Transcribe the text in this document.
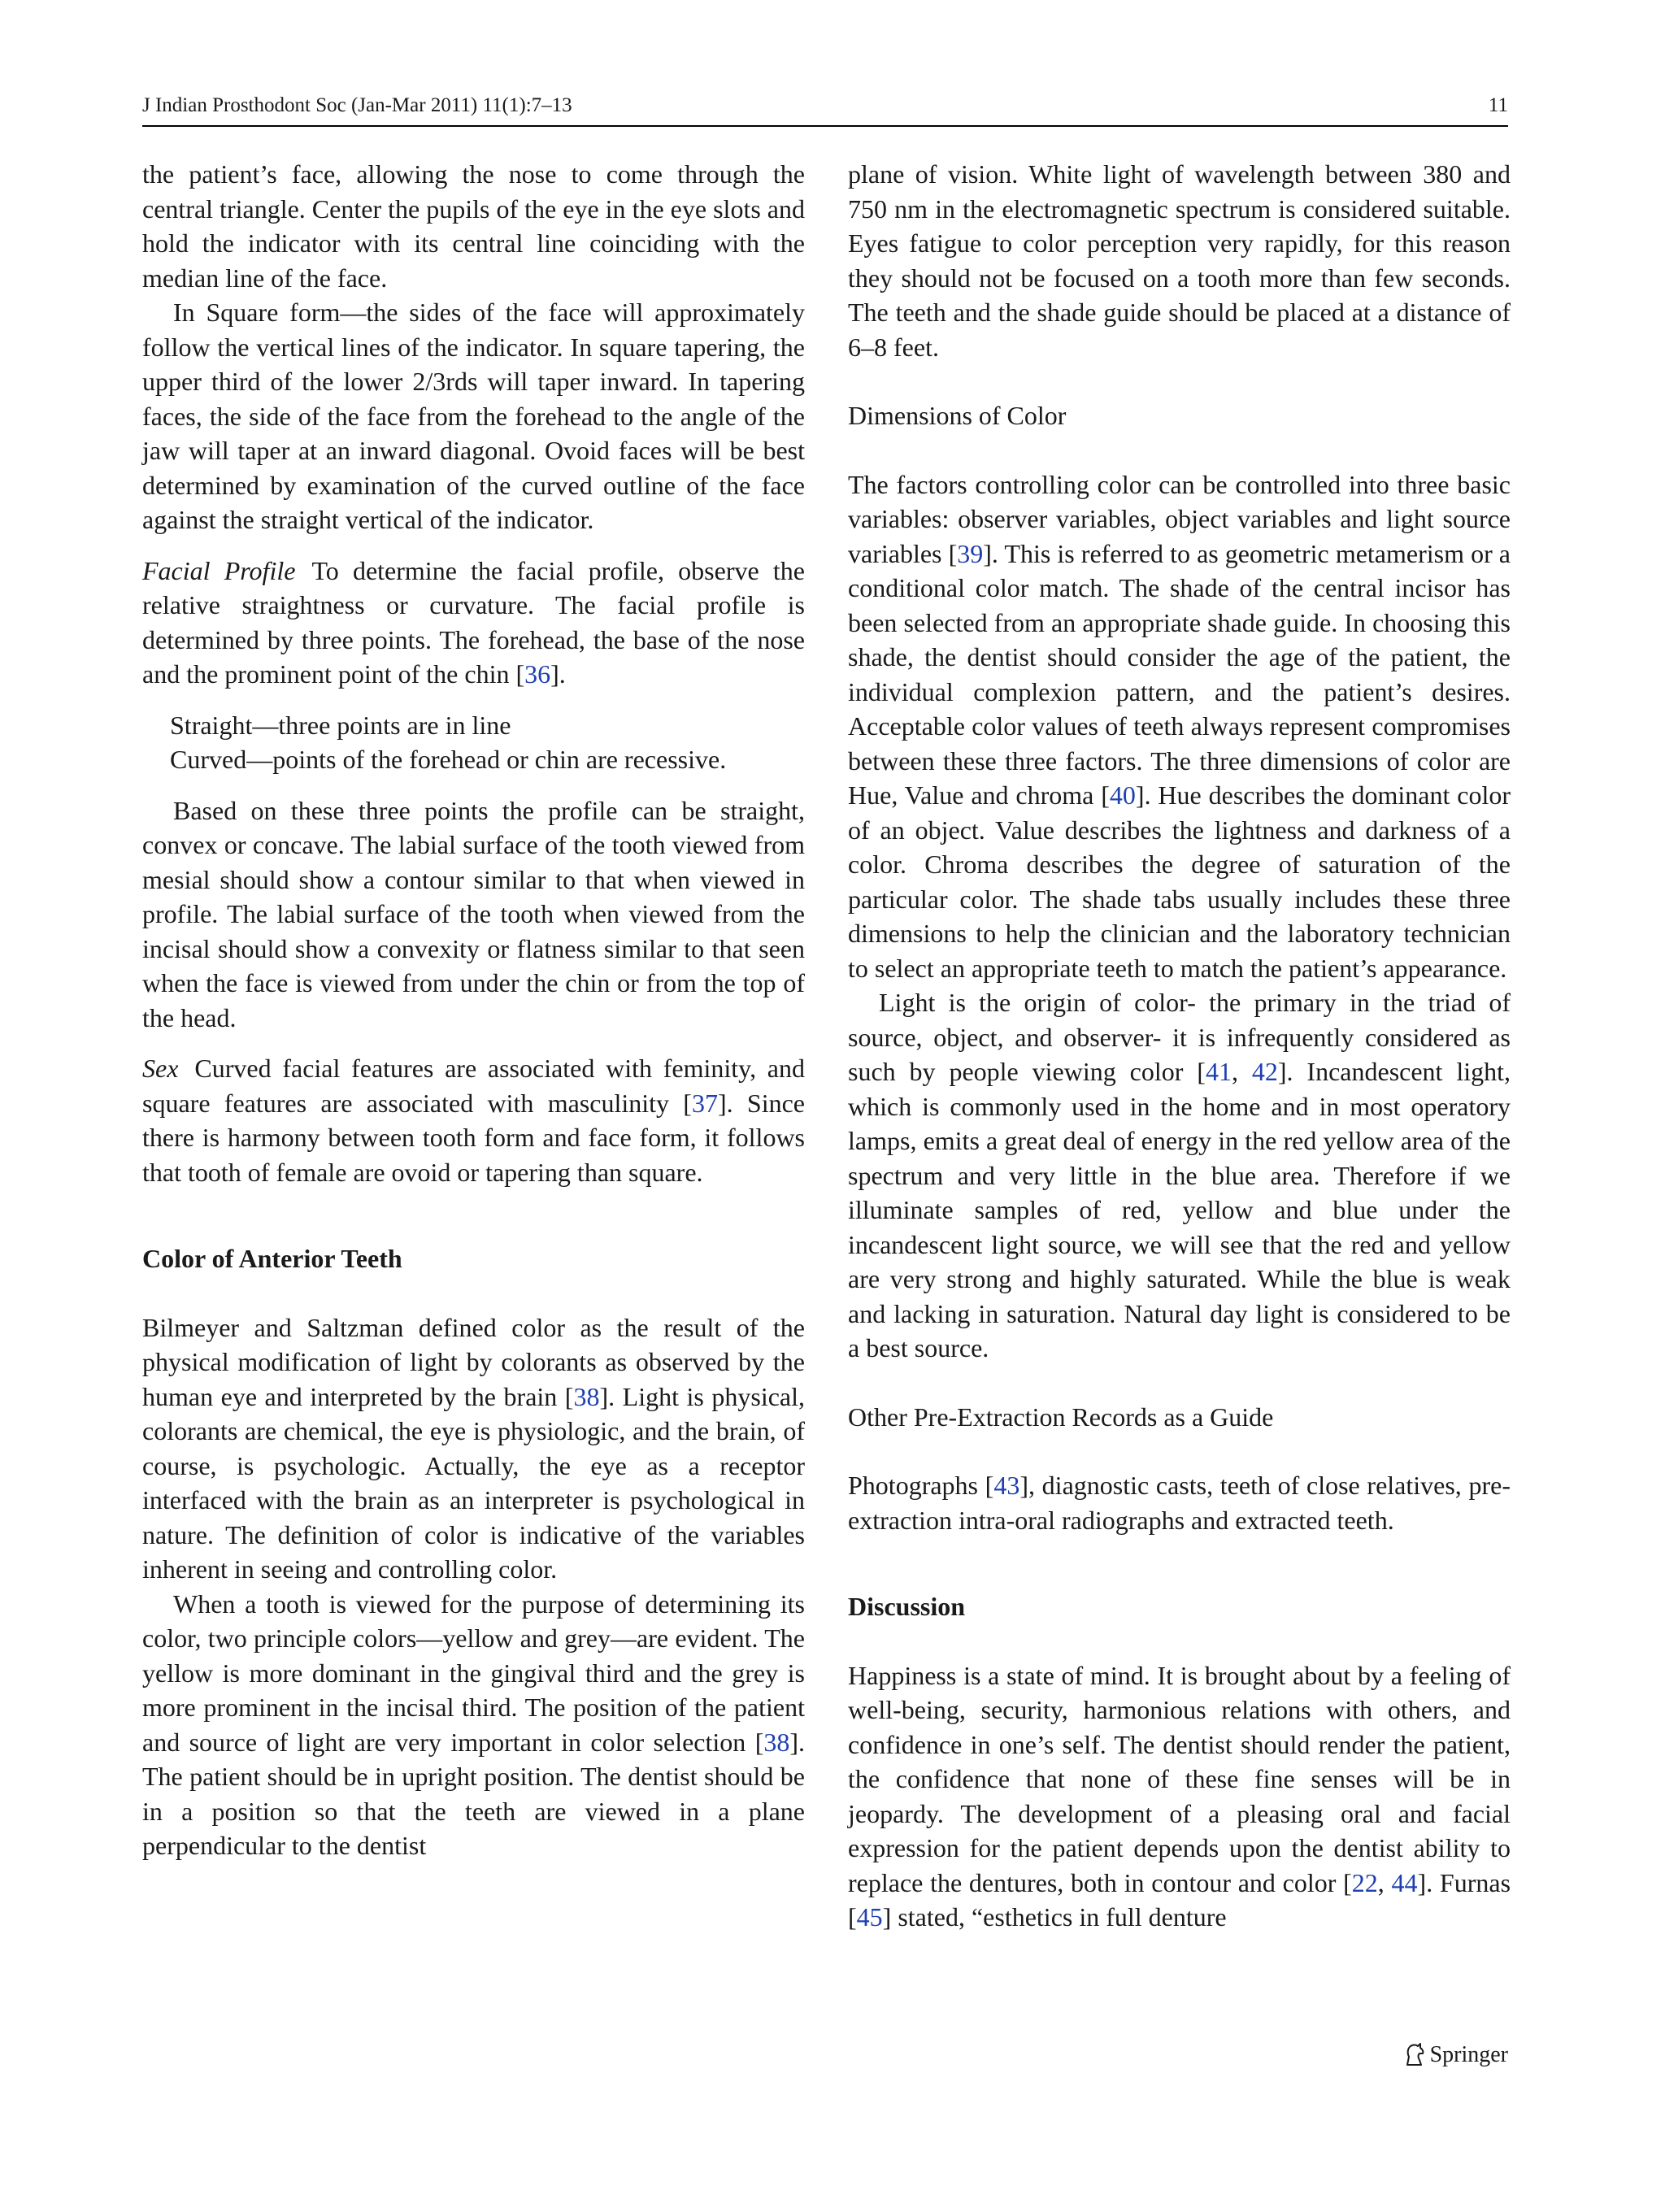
J Indian Prosthodont Soc (Jan-Mar 2011) 11(1):7–13	11

the patient’s face, allowing the nose to come through the central triangle. Center the pupils of the eye in the eye slots and hold the indicator with its central line coinciding with the median line of the face.

In Square form—the sides of the face will approximately follow the vertical lines of the indicator. In square tapering, the upper third of the lower 2/3rds will taper inward. In tapering faces, the side of the face from the forehead to the angle of the jaw will taper at an inward diagonal. Ovoid faces will be best determined by examination of the curved outline of the face against the straight vertical of the indicator.

Facial Profile To determine the facial profile, observe the relative straightness or curvature. The facial profile is determined by three points. The forehead, the base of the nose and the prominent point of the chin [36].

Straight—three points are in line
Curved—points of the forehead or chin are recessive.

Based on these three points the profile can be straight, convex or concave. The labial surface of the tooth viewed from mesial should show a contour similar to that when viewed in profile. The labial surface of the tooth when viewed from the incisal should show a convexity or flatness similar to that seen when the face is viewed from under the chin or from the top of the head.

Sex Curved facial features are associated with feminity, and square features are associated with masculinity [37]. Since there is harmony between tooth form and face form, it follows that tooth of female are ovoid or tapering than square.

Color of Anterior Teeth

Bilmeyer and Saltzman defined color as the result of the physical modification of light by colorants as observed by the human eye and interpreted by the brain [38]. Light is physical, colorants are chemical, the eye is physiologic, and the brain, of course, is psychologic. Actually, the eye as a receptor interfaced with the brain as an interpreter is psychological in nature. The definition of color is indicative of the variables inherent in seeing and controlling color.

When a tooth is viewed for the purpose of determining its color, two principle colors—yellow and grey—are evident. The yellow is more dominant in the gingival third and the grey is more prominent in the incisal third. The position of the patient and source of light are very important in color selection [38]. The patient should be in upright position. The dentist should be in a position so that the teeth are viewed in a plane perpendicular to the dentist

plane of vision. White light of wavelength between 380 and 750 nm in the electromagnetic spectrum is considered suitable. Eyes fatigue to color perception very rapidly, for this reason they should not be focused on a tooth more than few seconds. The teeth and the shade guide should be placed at a distance of 6–8 feet.

Dimensions of Color

The factors controlling color can be controlled into three basic variables: observer variables, object variables and light source variables [39]. This is referred to as geometric metamerism or a conditional color match. The shade of the central incisor has been selected from an appropriate shade guide. In choosing this shade, the dentist should consider the age of the patient, the individual complexion pattern, and the patient’s desires. Acceptable color values of teeth always represent compromises between these three factors. The three dimensions of color are Hue, Value and chroma [40]. Hue describes the dominant color of an object. Value describes the lightness and darkness of a color. Chroma describes the degree of saturation of the particular color. The shade tabs usually includes these three dimensions to help the clinician and the laboratory technician to select an appropriate teeth to match the patient’s appearance.

Light is the origin of color- the primary in the triad of source, object, and observer- it is infrequently considered as such by people viewing color [41, 42]. Incandescent light, which is commonly used in the home and in most operatory lamps, emits a great deal of energy in the red yellow area of the spectrum and very little in the blue area. Therefore if we illuminate samples of red, yellow and blue under the incandescent light source, we will see that the red and yellow are very strong and highly saturated. While the blue is weak and lacking in saturation. Natural day light is considered to be a best source.

Other Pre-Extraction Records as a Guide

Photographs [43], diagnostic casts, teeth of close relatives, pre-extraction intra-oral radiographs and extracted teeth.

Discussion

Happiness is a state of mind. It is brought about by a feeling of well-being, security, harmonious relations with others, and confidence in one’s self. The dentist should render the patient, the confidence that none of these fine senses will be in jeopardy. The development of a pleasing oral and facial expression for the patient depends upon the dentist ability to replace the dentures, both in contour and color [22, 44]. Furnas [45] stated, “esthetics in full denture

Springer
